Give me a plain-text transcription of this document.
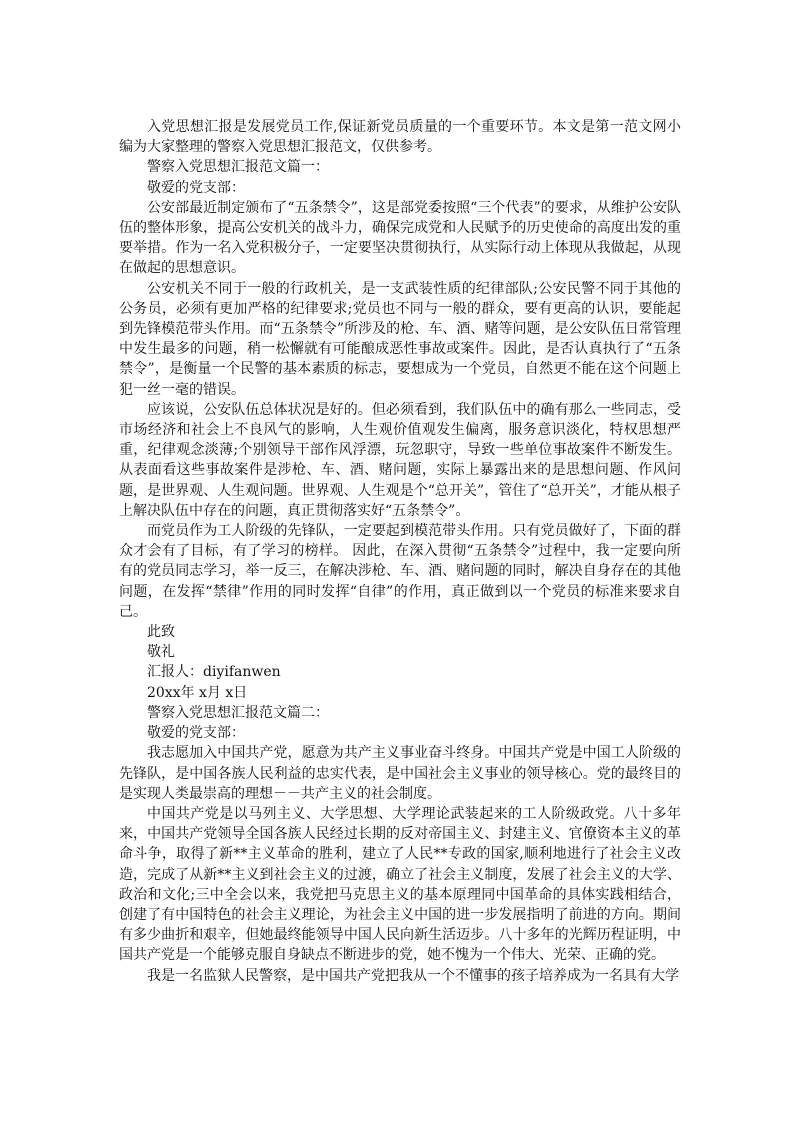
入党思想汇报是发展党员工作,保证新党员质量的一个重要环节。本文是第一范文网小编为大家整理的警察入党思想汇报范文，仅供参考。

警察入党思想汇报范文篇一：

敬爱的党支部：

公安部最近制定颁布了“五条禁令”，这是部党委按照“三个代表”的要求，从维护公安队伍的整体形象，提高公安机关的战斗力，确保完成党和人民赋予的历史使命的高度出发的重要举措。作为一名入党积极分子，一定要坚决贯彻执行，从实际行动上体现从我做起，从现在做起的思想意识。

公安机关不同于一般的行政机关，是一支武装性质的纪律部队;公安民警不同于其他的公务员，必须有更加严格的纪律要求;党员也不同与一般的群众，要有更高的认识，要能起到先锋模范带头作用。而“五条禁令”所涉及的枪、车、酒、赌等问题，是公安队伍日常管理中发生最多的问题，稍一松懈就有可能酿成恶性事故或案件。因此，是否认真执行了“五条禁令”，是衡量一个民警的基本素质的标志，要想成为一个党员，自然更不能在这个问题上犯一丝一毫的错误。

应该说，公安队伍总体状况是好的。但必须看到，我们队伍中的确有那么一些同志，受市场经济和社会上不良风气的影响，人生观价值观发生偏离，服务意识淡化，特权思想严重，纪律观念淡薄;个别领导干部作风浮漂，玩忽职守，导致一些单位事故案件不断发生。从表面看这些事故案件是涉枪、车、酒、赌问题，实际上暴露出来的是思想问题、作风问题，是世界观、人生观问题。世界观、人生观是个“总开关”，管住了“总开关”，才能从根子上解决队伍中存在的问题，真正贯彻落实好“五条禁令”。

而党员作为工人阶级的先锋队，一定要起到模范带头作用。只有党员做好了，下面的群众才会有了目标，有了学习的榜样。 因此，在深入贯彻“五条禁令”过程中，我一定要向所有的党员同志学习，举一反三，在解决涉枪、车、酒、赌问题的同时，解决自身存在的其他问题，在发挥“禁律”作用的同时发挥“自律”的作用，真正做到以一个党员的标准来要求自己。

此致

敬礼

汇报人：diyifanwen

20xx年 x月 x日

警察入党思想汇报范文篇二：

敬爱的党支部：

我志愿加入中国共产党，愿意为共产主义事业奋斗终身。中国共产党是中国工人阶级的先锋队，是中国各族人民利益的忠实代表，是中国社会主义事业的领导核心。党的最终目的是实现人类最崇高的理想－－共产主义的社会制度。

中国共产党是以马列主义、大学思想、大学理论武装起来的工人阶级政党。八十多年来，中国共产党领导全国各族人民经过长期的反对帝国主义、封建主义、官僚资本主义的革命斗争，取得了新**主义革命的胜利，建立了人民**专政的国家,顺利地进行了社会主义改造，完成了从新**主义到社会主义的过渡，确立了社会主义制度，发展了社会主义的大学、政治和文化;三中全会以来，我党把马克思主义的基本原理同中国革命的具体实践相结合，创建了有中国特色的社会主义理论，为社会主义中国的进一步发展指明了前进的方向。期间有多少曲折和艰辛，但她最终能领导中国人民向新生活迈步。八十多年的光辉历程证明，中国共产党是一个能够克服自身缺点不断进步的党，她不愧为一个伟大、光荣、正确的党。

我是一名监狱人民警察，是中国共产党把我从一个不懂事的孩子培养成为一名具有大学
